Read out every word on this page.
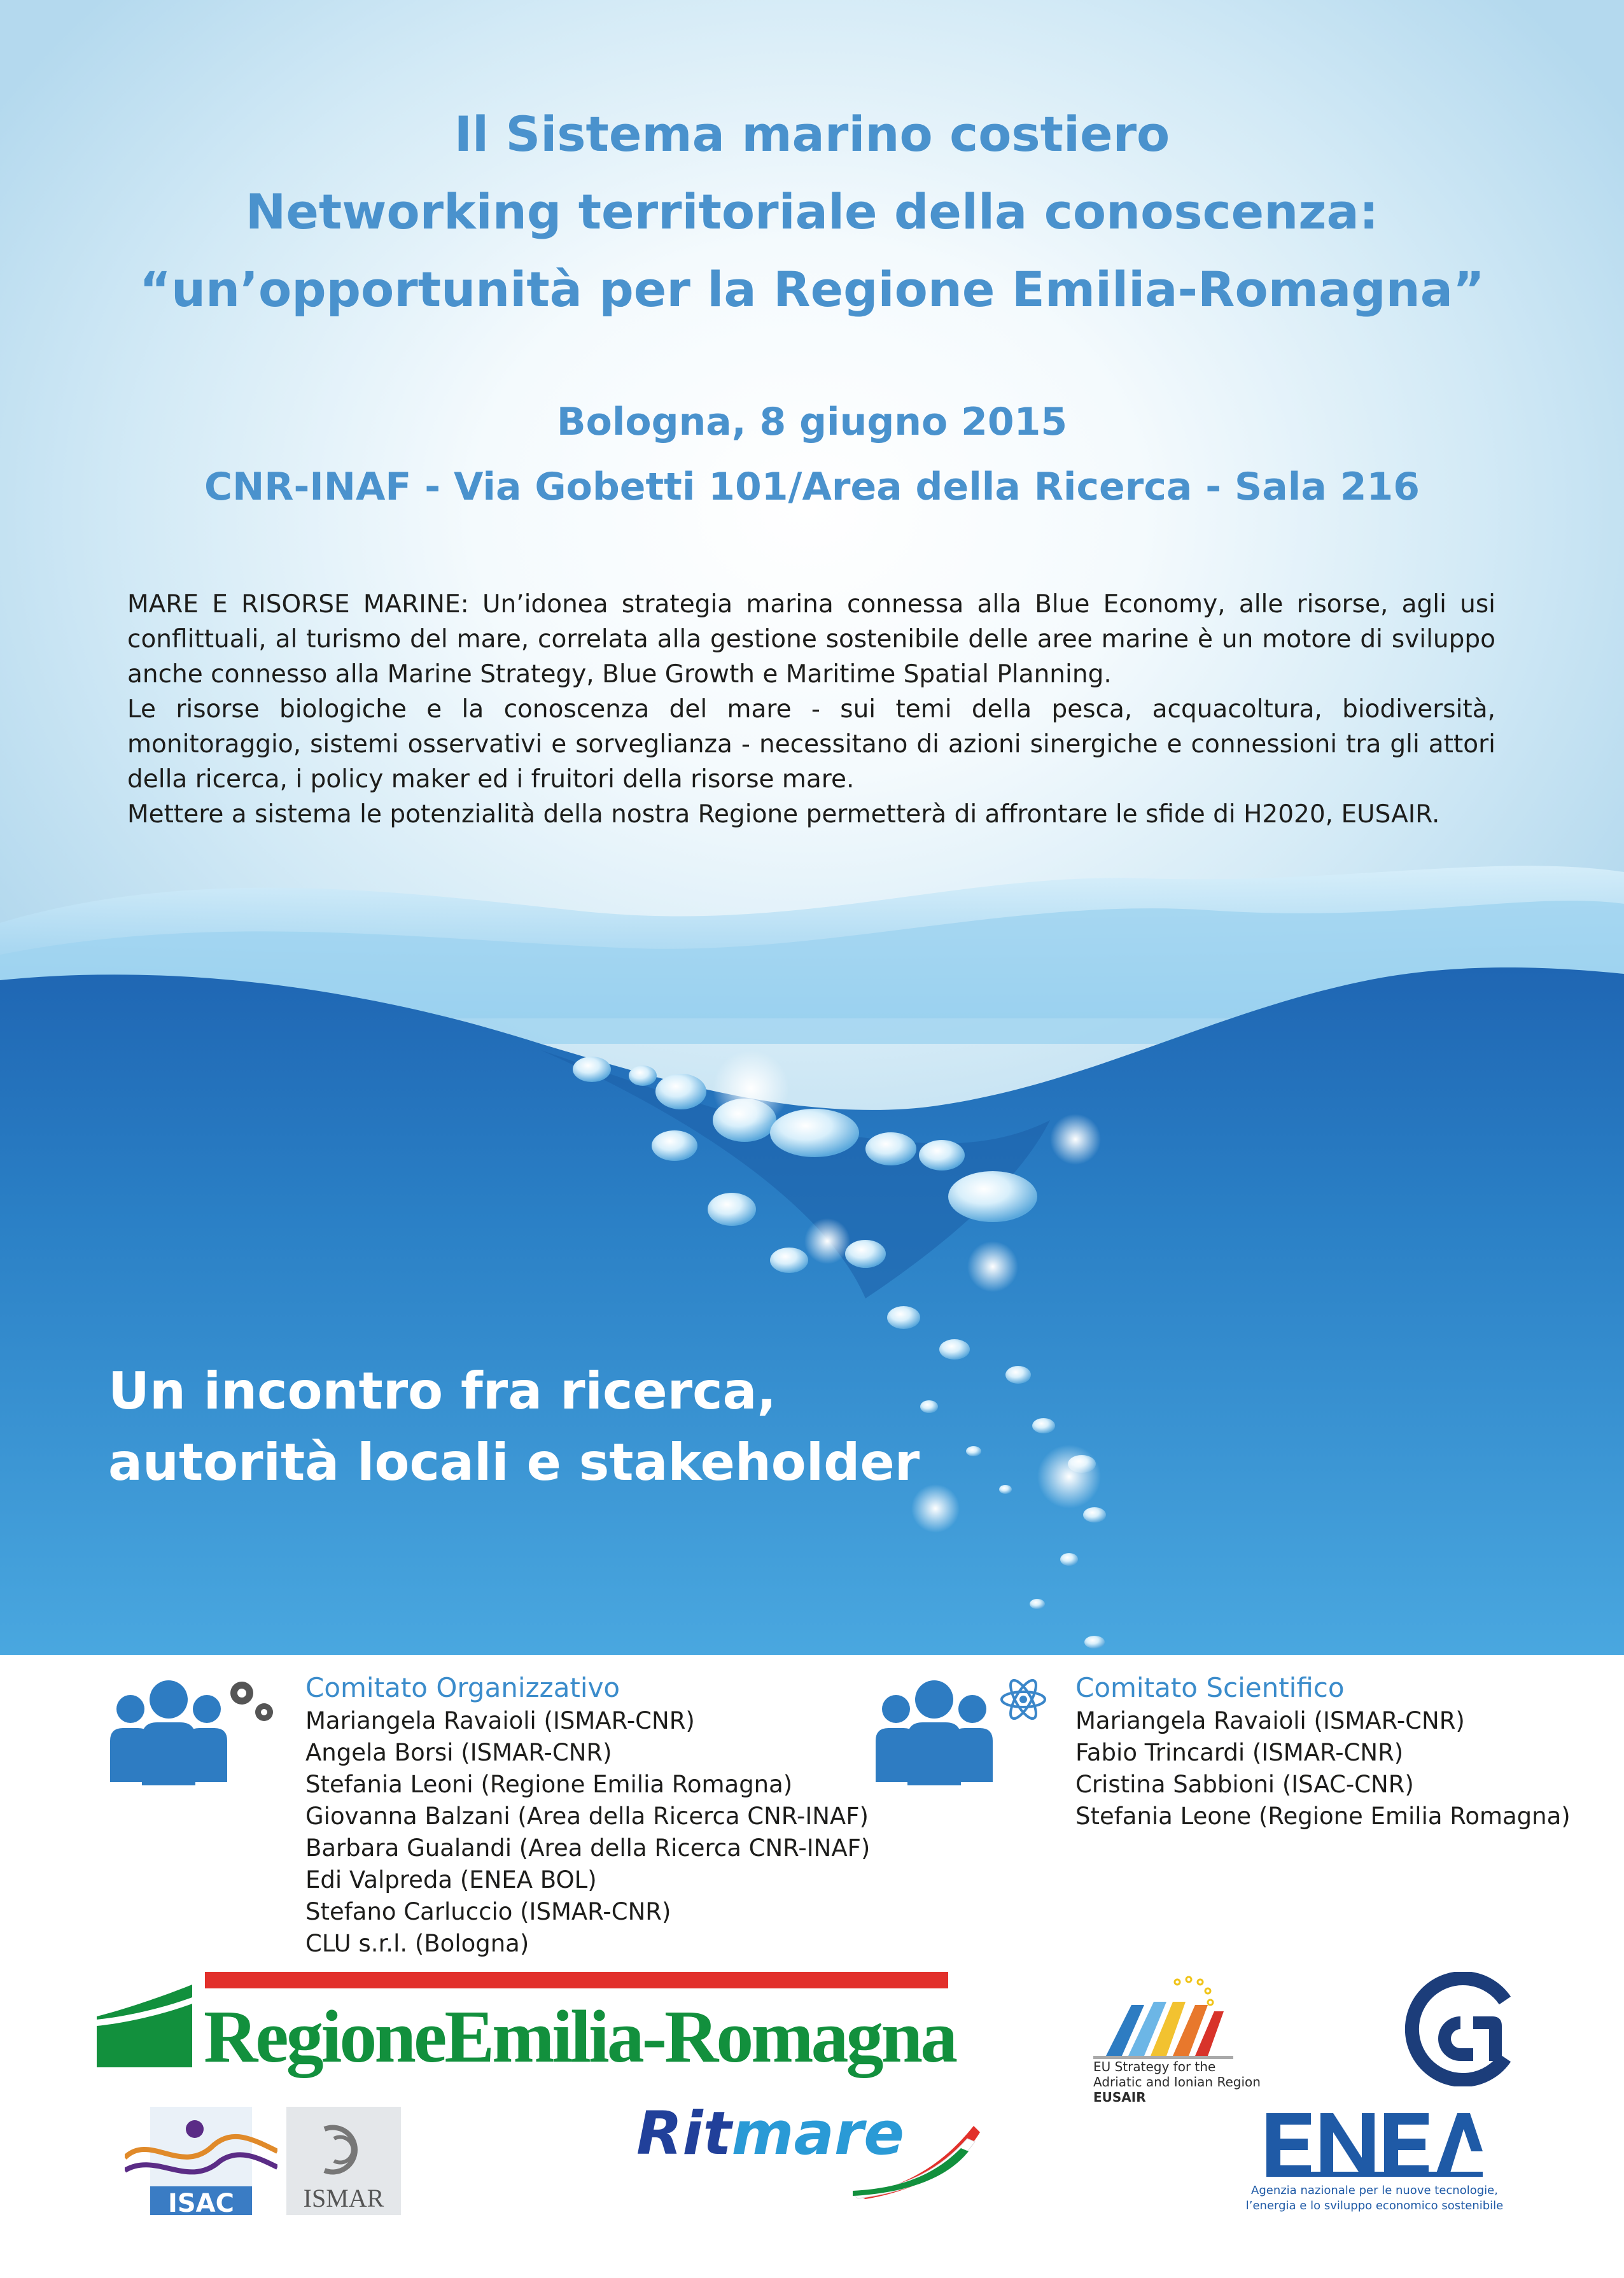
Il Sistema marino costiero
Networking territoriale della conoscenza:
“un’opportunità per la Regione Emilia-Romagna”
Bologna, 8 giugno 2015
CNR-INAF - Via Gobetti 101/Area della Ricerca - Sala 216

MARE E RISORSE MARINE: Un’idonea strategia marina connessa alla Blue Economy, alle risorse, agli usi conflittuali, al turismo del mare, correlata alla gestione sostenibile delle aree marine è un motore di sviluppo anche connesso alla Marine Strategy, Blue Growth e Maritime Spatial Planning.

Le risorse biologiche e la conoscenza del mare - sui temi della pesca, acquacoltura, biodiversità, monitoraggio, sistemi osservativi e sorveglianza - necessitano di azioni sinergiche e connessioni tra gli attori della ricerca, i policy maker ed i fruitori della risorse mare.

Mettere a sistema le potenzialità della nostra Regione permetterà di affrontare le sfide di H2020, EUSAIR.

Un incontro fra ricerca,
autorità locali e stakeholder
Comitato Organizzativo
Mariangela Ravaioli (ISMAR-CNR)
Angela Borsi (ISMAR-CNR)
Stefania Leoni (Regione Emilia Romagna)
Giovanna Balzani (Area della Ricerca CNR-INAF)
Barbara Gualandi (Area della Ricerca CNR-INAF)
Edi Valpreda (ENEA BOL)
Stefano Carluccio (ISMAR-CNR)
CLU s.r.l. (Bologna)
Comitato Scientifico
Mariangela Ravaioli (ISMAR-CNR)
Fabio Trincardi (ISMAR-CNR)
Cristina Sabbioni (ISAC-CNR)
Stefania Leone (Regione Emilia Romagna)
RegioneEmilia-Romagna
ISAC	ISMAR
Ritmare
EU Strategy for the
Adriatic and Ionian Region
EUSAIR
Agenzia nazionale per le nuove tecnologie,
l’energia e lo sviluppo economico sostenibile
